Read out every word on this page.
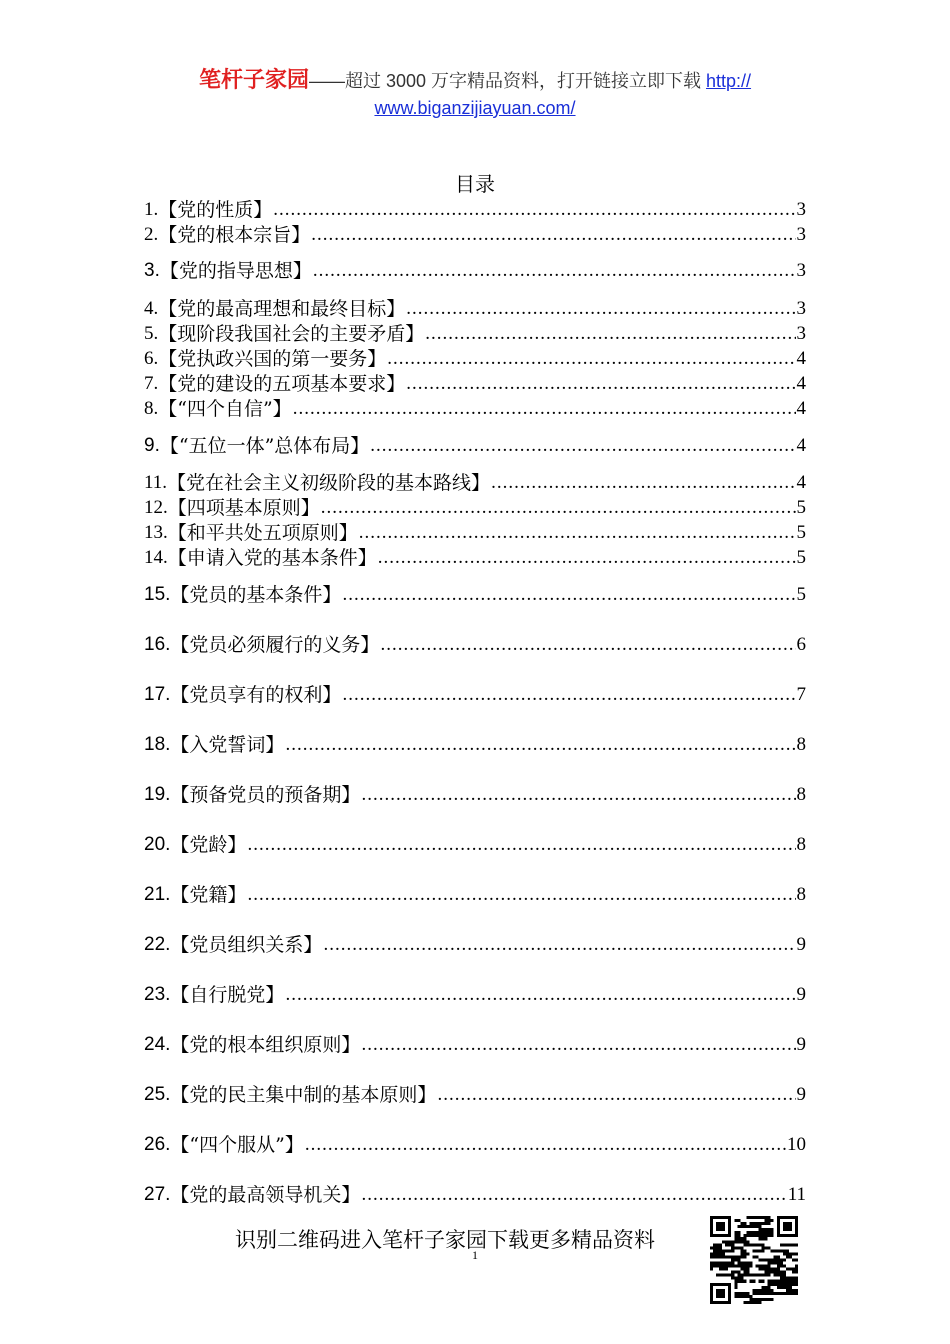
笔杆子家园——超过 3000 万字精品资料，打开链接立即下载 http://
www.biganzijiayuan.com/
目录
1. 【党的性质】 .....	3
2. 【党的根本宗旨】 .....	3
3. 【党的指导思想】 .....	3
4. 【党的最高理想和最终目标】 .....	3
5. 【现阶段我国社会的主要矛盾】 .....	3
6. 【党执政兴国的第一要务】 .....	4
7. 【党的建设的五项基本要求】 .....	4
8. 【“四个自信”】 .....	4
9. 【“五位一体”总体布局】 .....	4
11. 【党在社会主义初级阶段的基本路线】 .....	4
12. 【四项基本原则】 .....	5
13. 【和平共处五项原则】 .....	5
14. 【申请入党的基本条件】 .....	5
15. 【党员的基本条件】 .....	5
16. 【党员必须履行的义务】 .....	6
17. 【党员享有的权利】 .....	7
18. 【入党誓词】 .....	8
19. 【预备党员的预备期】 .....	8
20. 【党龄】 .....	8
21. 【党籍】 .....	8
22. 【党员组织关系】 .....	9
23. 【自行脱党】 .....	9
24. 【党的根本组织原则】 .....	9
25. 【党的民主集中制的基本原则】 .....	9
26. 【“四个服从”】 .....	10
27. 【党的最高领导机关】 .....	11
识别二维码进入笔杆子家园下载更多精品资料
1
